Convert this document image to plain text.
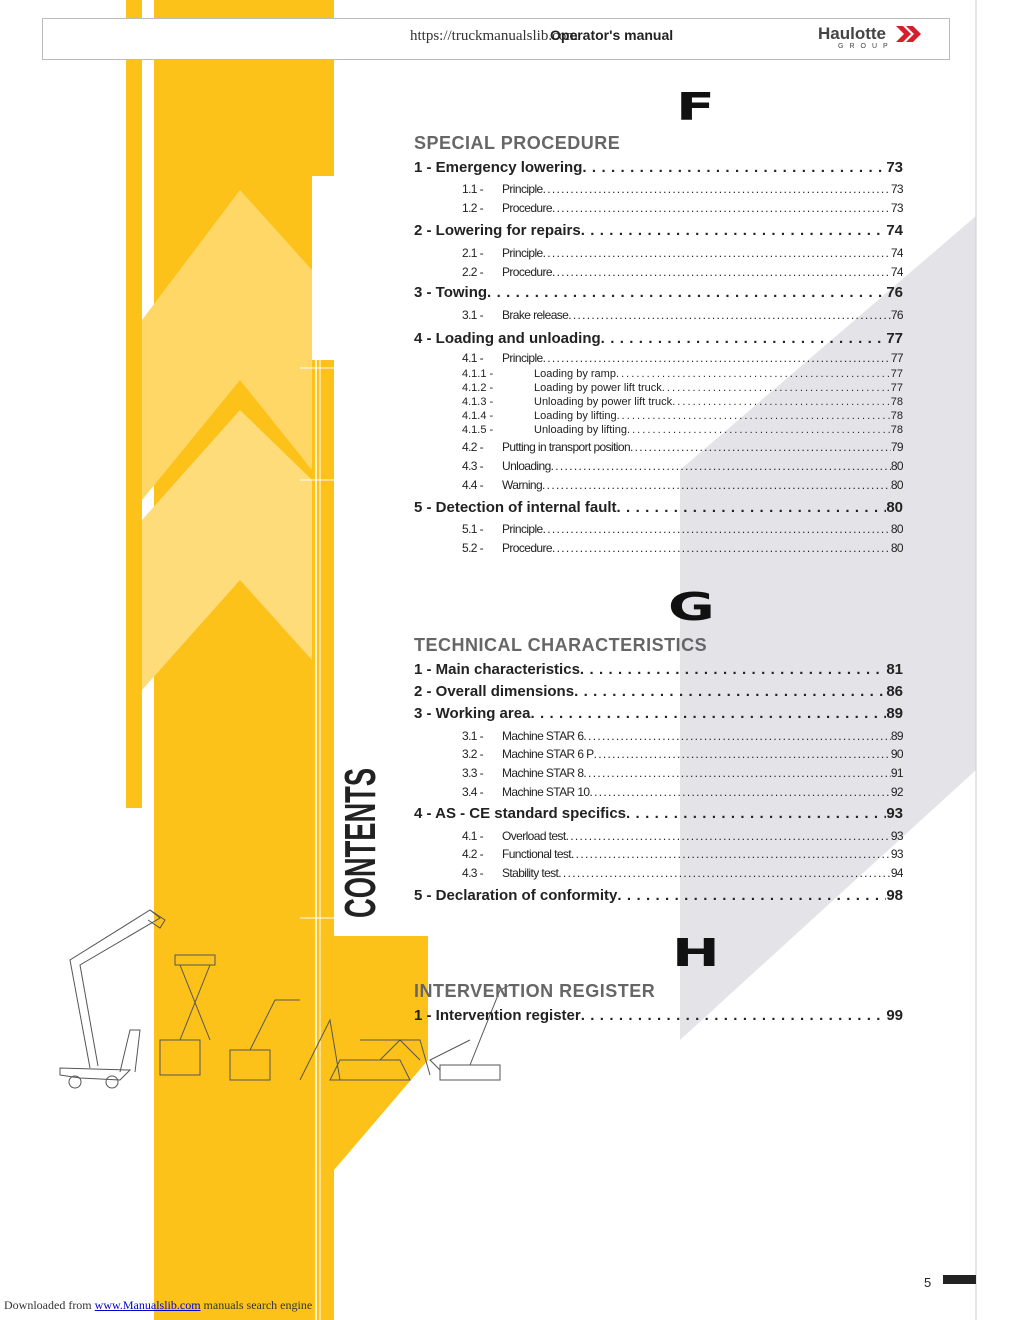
https://truckmanualslib.com
Operator's manual	Haulotte
GROUP
CONTENTS
F
SPECIAL PROCEDURE
1 - Emergency lowering . . .	73
1.1 -	Principle .....	73
1.2 -	Procedure .....	73
2 - Lowering for repairs . . .	74
2.1 -	Principle .....	74
2.2 -	Procedure .....	74
3 - Towing . . .	76
3.1 -	Brake release .....	76
4 - Loading and unloading . . .	77
4.1 -	Principle .....	77
4.1.1 -	Loading by ramp . . .	77
4.1.2 -	Loading by power lift truck . . .	77
4.1.3 -	Unloading by power lift truck . . .	78
4.1.4 -	Loading by lifting . . .	78
4.1.5 -	Unloading by lifting . . .	78
4.2 -	Putting in transport position .....	79
4.3 -	Unloading .....	80
4.4 -	Warning .....	80
5 - Detection of internal fault . . .	80
5.1 -	Principle .....	80
5.2 -	Procedure .....	80
G
TECHNICAL CHARACTERISTICS
1 - Main characteristics . . .	81
2 - Overall dimensions . . .	86
3 - Working area . . .	89
3.1 -	Machine STAR 6 .....	89
3.2 -	Machine STAR 6 P .....	90
3.3 -	Machine STAR 8 .....	91
3.4 -	Machine STAR 10 .....	92
4 - AS - CE standard specifics . . .	93
4.1 -	Overload test .....	93
4.2 -	Functional test .....	93
4.3 -	Stability test .....	94
5 - Declaration of conformity . . .	98
H
INTERVENTION REGISTER
1 - Intervention register . . .	99
5
Downloaded from www.Manualslib.com manuals search engine
